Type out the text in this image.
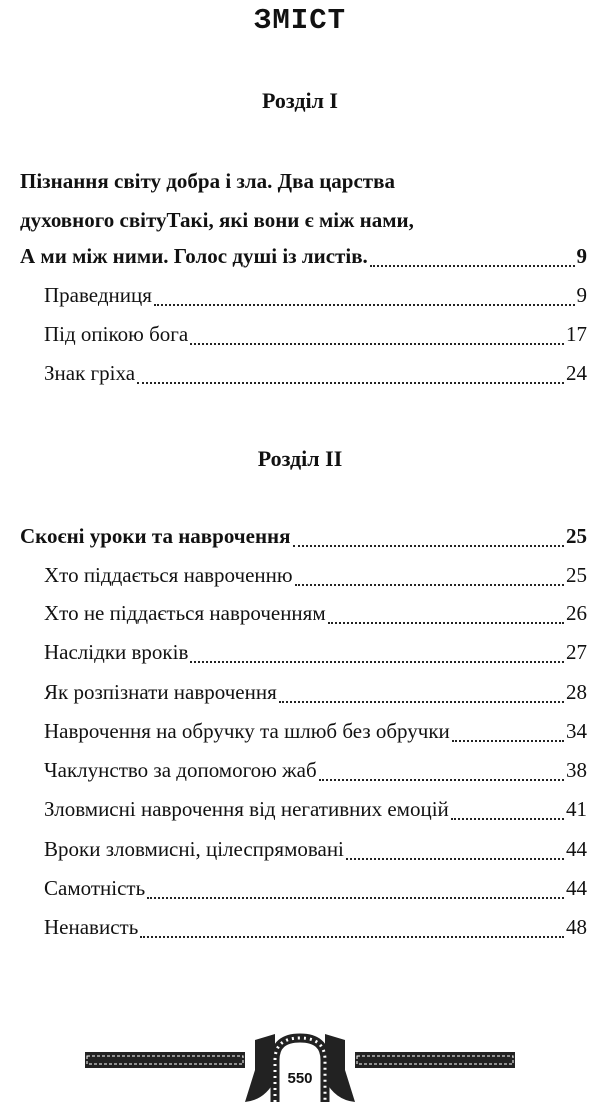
ЗМІСТ
Розділ I
Пізнання світу добра і зла. Два царства
духовного світуТакі, які вони є між нами,
А ми між ними. Голос душі із листів.	9
Праведниця	9
Під опікою бога	17
Знак гріха	24
Розділ II
Скоєні уроки та наврочення	25
Хто піддається навроченню	25
Хто не піддається навроченням	26
Наслідки вроків	27
Як розпізнати наврочення	28
Наврочення на обручку та шлюб без обручки	34
Чаклунство за допомогою жаб	38
Зловмисні наврочення від негативних емоцій	41
Вроки зловмисні, цілеспрямовані	44
Самотність	44
Ненависть	48
550
